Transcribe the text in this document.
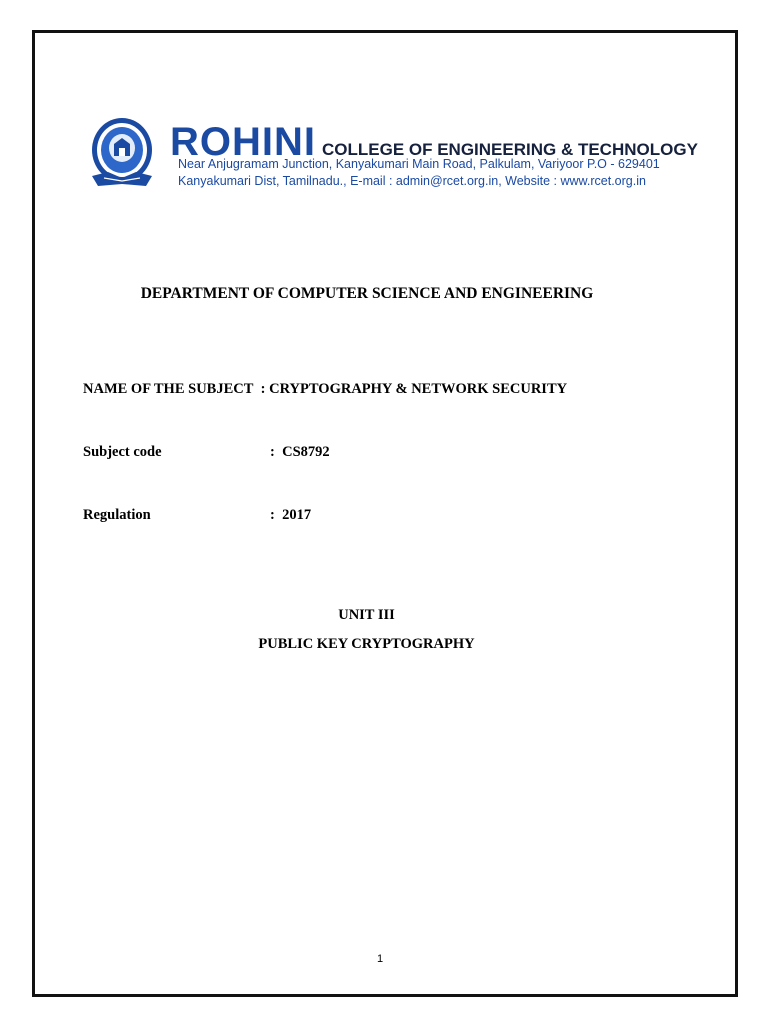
ROHINI COLLEGE OF ENGINEERING & TECHNOLOGY
Near Anjugramam Junction, Kanyakumari Main Road, Palkulam, Variyoor P.O - 629401
Kanyakumari Dist, Tamilnadu., E-mail : admin@rcet.org.in, Website : www.rcet.org.in
DEPARTMENT OF COMPUTER SCIENCE AND ENGINEERING
NAME OF THE SUBJECT : CRYPTOGRAPHY & NETWORK SECURITY
Subject code	: CS8792
Regulation	: 2017
UNIT III
PUBLIC KEY CRYPTOGRAPHY
1
